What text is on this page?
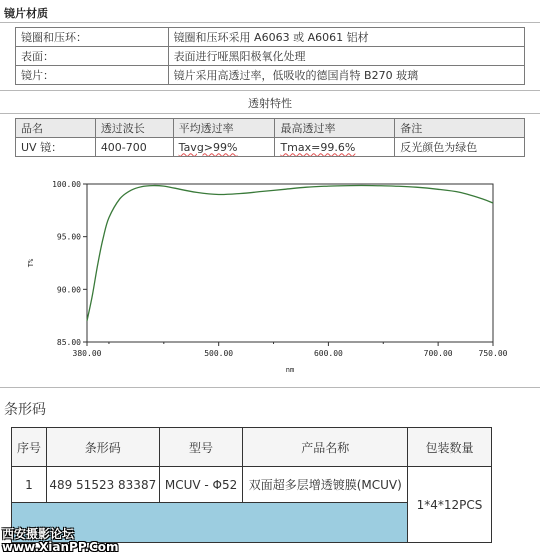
镜片材质
镜圈和压环：	镜圈和压环采用 A6063 或 A6061 铝材
表面：	表面进行哑黑阳极氧化处理
镜片：	镜片采用高透过率，低吸收的德国肖特 B270 玻璃
透射特性
品名	透过波长	平均透过率	最高透过率	备注
UV 镜：	400-700	Tavg>99%	Tmax=99.6%	反光颜色为绿色
380.00	500.00	600.00	700.00	750.00
100.00
95.00
90.00
85.00
nm
T%
条形码
序号	条形码	型号	产品名称	包装数量
1	489 51523 83387	MCUV - Φ52	双面超多层增透镀膜(MCUV)	1*4*12PCS

西安摄影论坛
www.XianPP.Com
